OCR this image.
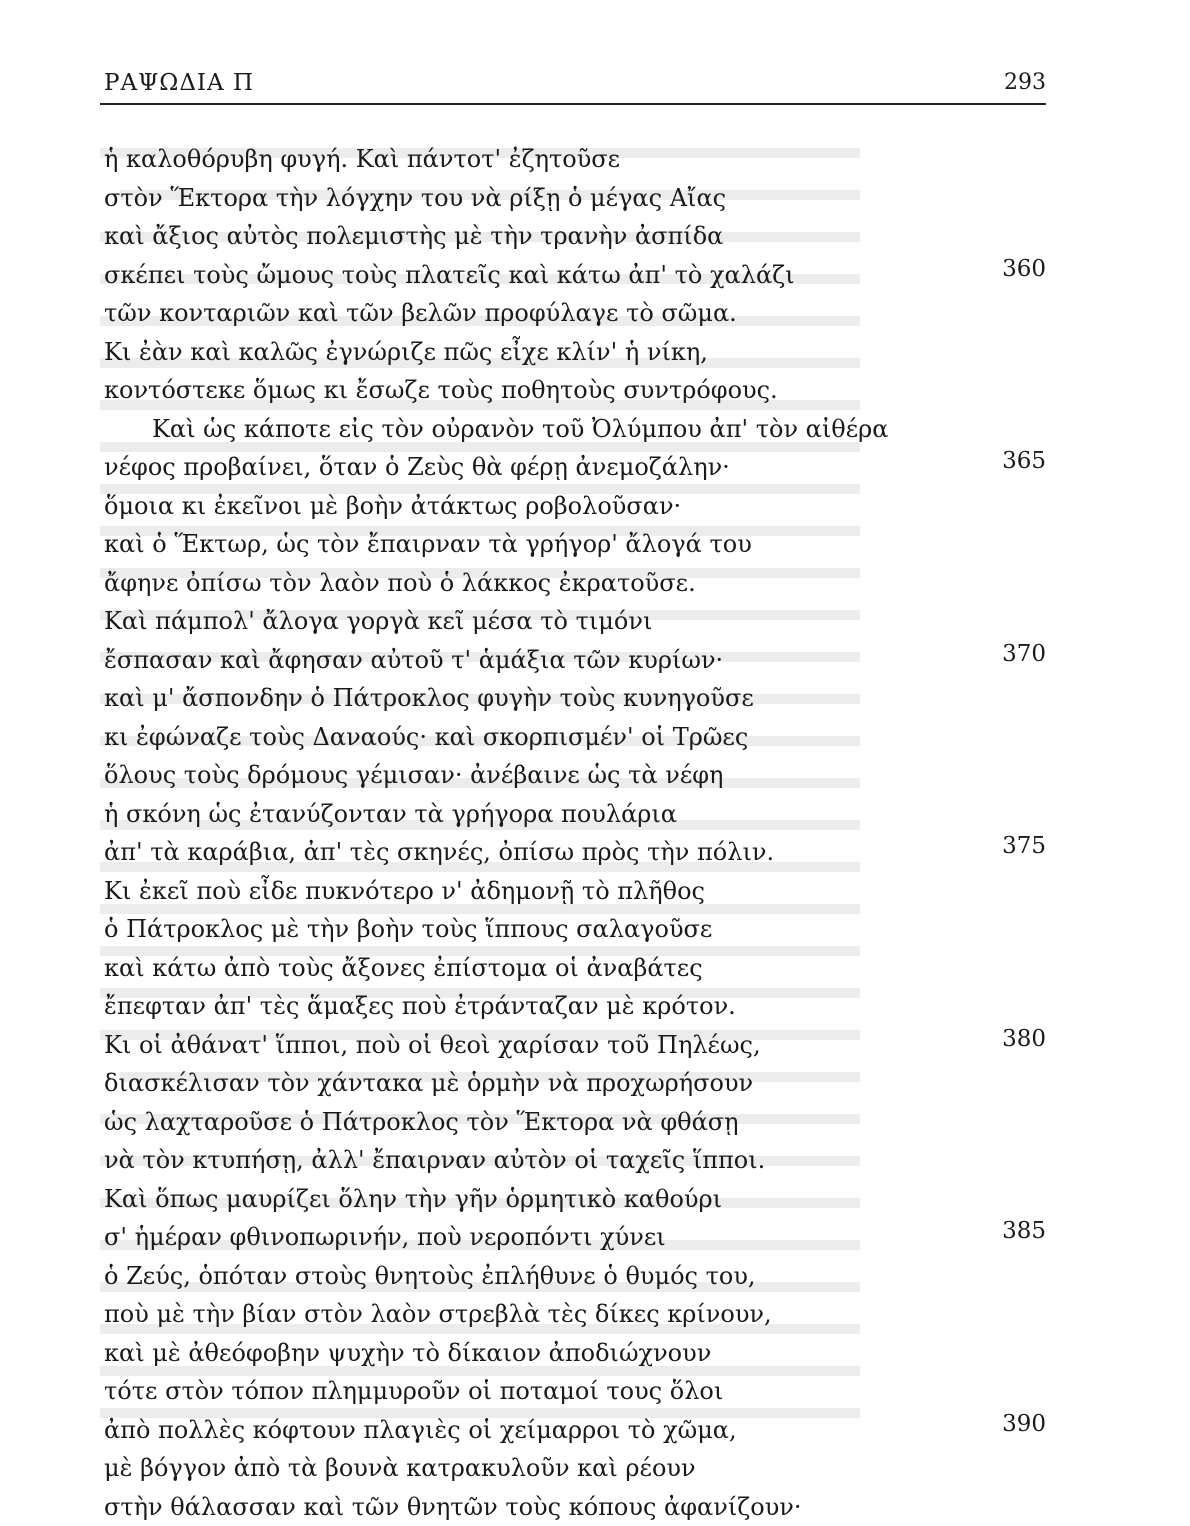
ΡΑΨΩΔΙΑ Π	293
ἡ καλοθόρυβη φυγή. Καὶ πάντοτ' ἐζητοῦσε
στὸν Ἕκτορα τὴν λόγχην του νὰ ρίξῃ ὁ μέγας Αἴας
καὶ ἄξιος αὐτὸς πολεμιστὴς μὲ τὴν τρανὴν ἀσπίδα
σκέπει τοὺς ὤμους τοὺς πλατεῖς καὶ κάτω ἀπ' τὸ χαλάζι	360
τῶν κονταριῶν καὶ τῶν βελῶν προφύλαγε τὸ σῶμα.
Κι ἐὰν καὶ καλῶς ἐγνώριζε πῶς εἶχε κλίν' ἡ νίκη,
κοντόστεκε ὅμως κι ἔσωζε τοὺς ποθητοὺς συντρόφους.
Καὶ ὡς κάποτε εἰς τὸν οὐρανὸν τοῦ Ὀλύμπου ἀπ' τὸν αἰθέρα
νέφος προβαίνει, ὅταν ὁ Ζεὺς θὰ φέρῃ ἀνεμοζάλην·	365
ὅμοια κι ἐκεῖνοι μὲ βοὴν ἀτάκτως ροβολοῦσαν·
καὶ ὁ Ἕκτωρ, ὡς τὸν ἔπαιρναν τὰ γρήγορ' ἄλογά του
ἄφηνε ὀπίσω τὸν λαὸν ποὺ ὁ λάκκος ἐκρατοῦσε.
Καὶ πάμπολ' ἄλογα γοργὰ κεῖ μέσα τὸ τιμόνι
ἔσπασαν καὶ ἄφησαν αὐτοῦ τ' ἁμάξια τῶν κυρίων·	370
καὶ μ' ἄσπονδην ὁ Πάτροκλος φυγὴν τοὺς κυνηγοῦσε
κι ἐφώναζε τοὺς Δαναούς· καὶ σκορπισμέν' οἱ Τρῶες
ὅλους τοὺς δρόμους γέμισαν· ἀνέβαινε ὡς τὰ νέφη
ἡ σκόνη ὡς ἐτανύζονταν τὰ γρήγορα πουλάρια
ἀπ' τὰ καράβια, ἀπ' τὲς σκηνές, ὀπίσω πρὸς τὴν πόλιν.	375
Κι ἐκεῖ ποὺ εἶδε πυκνότερο ν' ἀδημονῇ τὸ πλῆθος
ὁ Πάτροκλος μὲ τὴν βοὴν τοὺς ἵππους σαλαγοῦσε
καὶ κάτω ἀπὸ τοὺς ἄξονες ἐπίστομα οἱ ἀναβάτες
ἔπεφταν ἀπ' τὲς ἅμαξες ποὺ ἐτράνταζαν μὲ κρότον.
Κι οἱ ἀθάνατ' ἵπποι, ποὺ οἱ θεοὶ χαρίσαν τοῦ Πηλέως,	380
διασκέλισαν τὸν χάντακα μὲ ὁρμὴν νὰ προχωρήσουν
ὡς λαχταροῦσε ὁ Πάτροκλος τὸν Ἕκτορα νὰ φθάσῃ
νὰ τὸν κτυπήσῃ, ἀλλ' ἔπαιρναν αὐτὸν οἱ ταχεῖς ἵπποι.
Καὶ ὅπως μαυρίζει ὅλην τὴν γῆν ὁρμητικὸ καθούρι
σ' ἡμέραν φθινοπωρινήν, ποὺ νεροπόντι χύνει	385
ὁ Ζεύς, ὁπόταν στοὺς θνητοὺς ἐπλήθυνε ὁ θυμός του,
ποὺ μὲ τὴν βίαν στὸν λαὸν στρεβλὰ τὲς δίκες κρίνουν,
καὶ μὲ ἀθεόφοβην ψυχὴν τὸ δίκαιον ἀποδιώχνουν
τότε στὸν τόπον πλημμυροῦν οἱ ποταμοί τους ὅλοι
ἀπὸ πολλὲς κόφτουν πλαγιὲς οἱ χείμαρροι τὸ χῶμα,	390
μὲ βόγγον ἀπὸ τὰ βουνὰ κατρακυλοῦν καὶ ρέουν
στὴν θάλασσαν καὶ τῶν θνητῶν τοὺς κόπους ἀφανίζουν·
